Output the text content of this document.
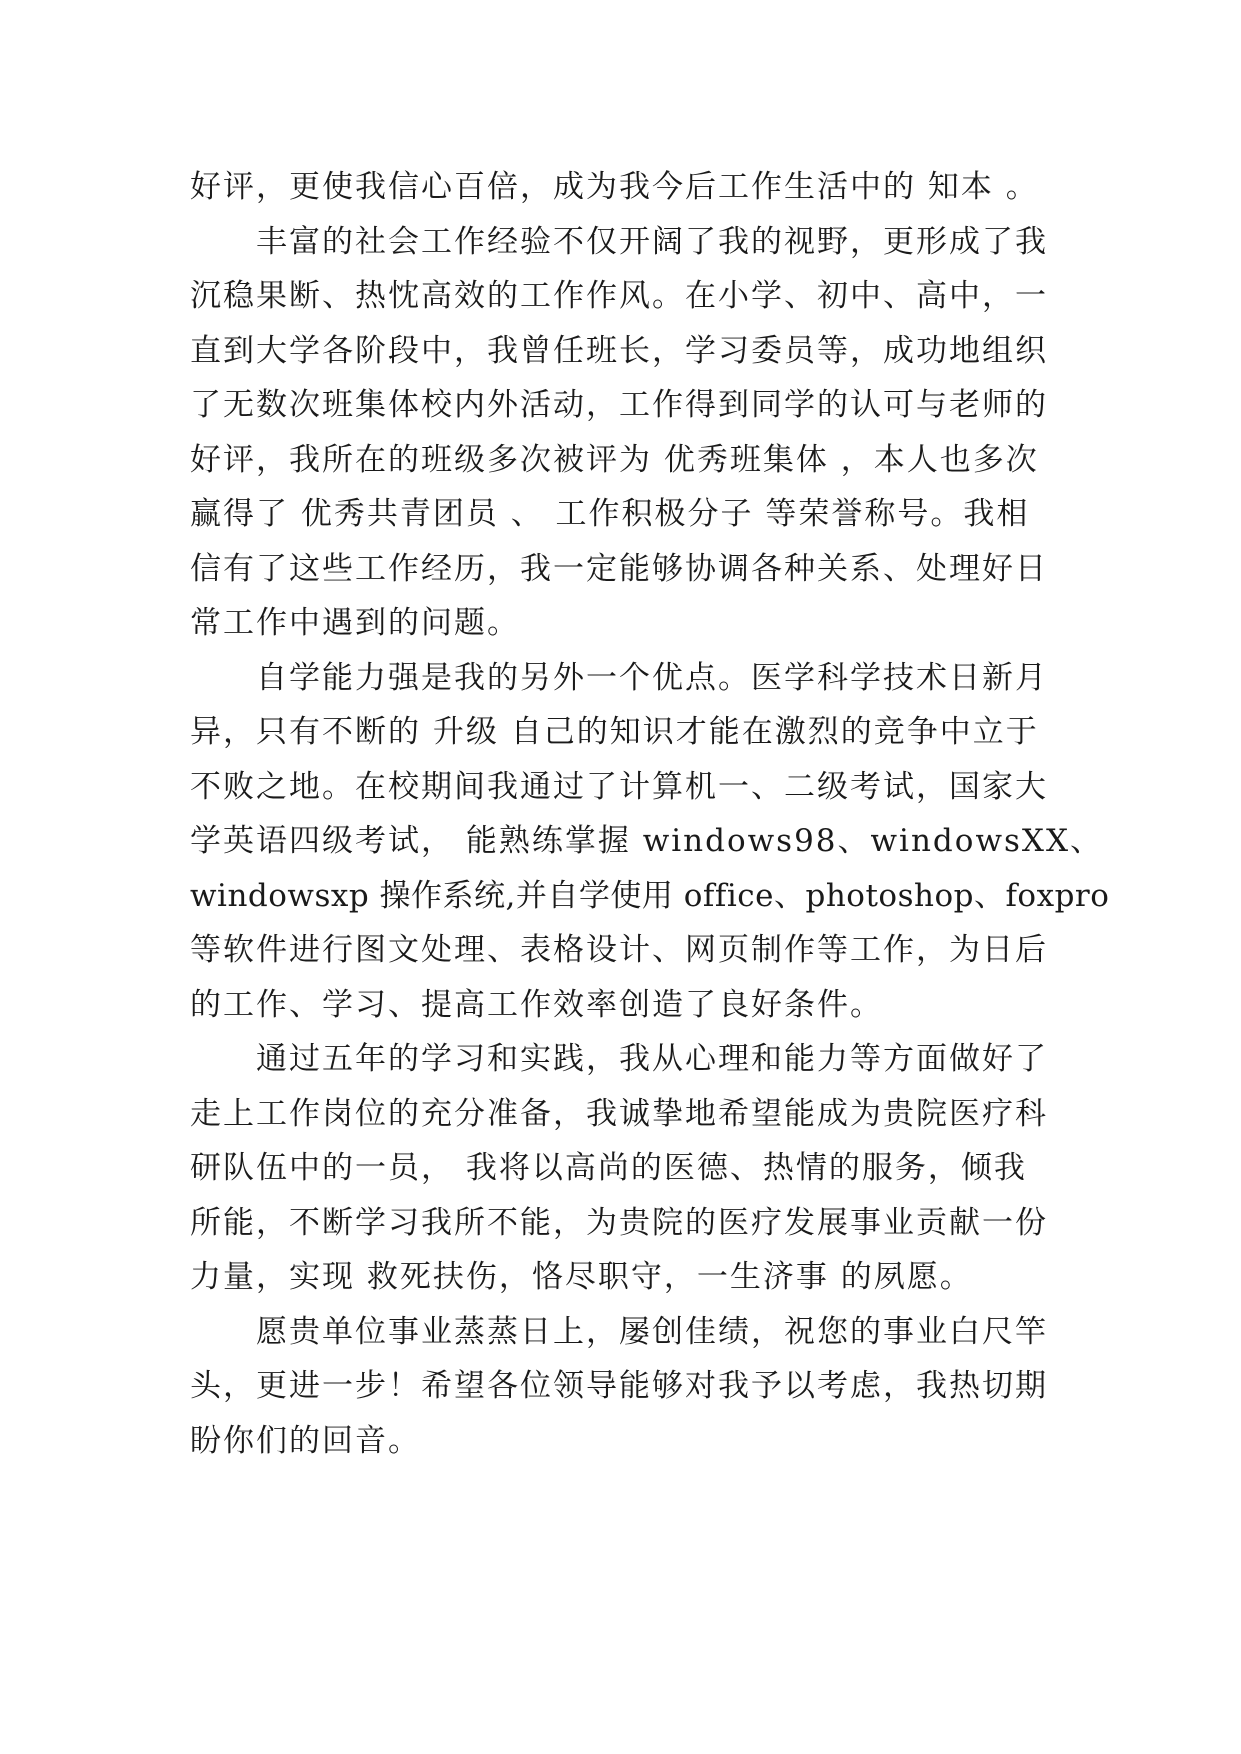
好评，更使我信心百倍，成为我今后工作生活中的 知本 。
丰富的社会工作经验不仅开阔了我的视野，更形成了我
沉稳果断、热忱高效的工作作风。在小学、初中、高中，一
直到大学各阶段中，我曾任班长，学习委员等，成功地组织
了无数次班集体校内外活动，工作得到同学的认可与老师的
好评，我所在的班级多次被评为 优秀班集体 ，本人也多次
赢得了 优秀共青团员 、 工作积极分子 等荣誉称号。我相
信有了这些工作经历，我一定能够协调各种关系、处理好日
常工作中遇到的问题。
自学能力强是我的另外一个优点。医学科学技术日新月
异，只有不断的 升级 自己的知识才能在激烈的竞争中立于
不败之地。在校期间我通过了计算机一、二级考试，国家大
学英语四级考试， 能熟练掌握 windows98、windowsXX、
windowsxp 操作系统,并自学使用 office、photoshop、foxpro
等软件进行图文处理、表格设计、网页制作等工作，为日后
的工作、学习、提高工作效率创造了良好条件。
通过五年的学习和实践，我从心理和能力等方面做好了
走上工作岗位的充分准备，我诚挚地希望能成为贵院医疗科
研队伍中的一员， 我将以高尚的医德、热情的服务，倾我
所能，不断学习我所不能，为贵院的医疗发展事业贡献一份
力量，实现 救死扶伤，恪尽职守，一生济事 的夙愿。
愿贵单位事业蒸蒸日上，屡创佳绩，祝您的事业白尺竿
头，更进一步！希望各位领导能够对我予以考虑，我热切期
盼你们的回音。
